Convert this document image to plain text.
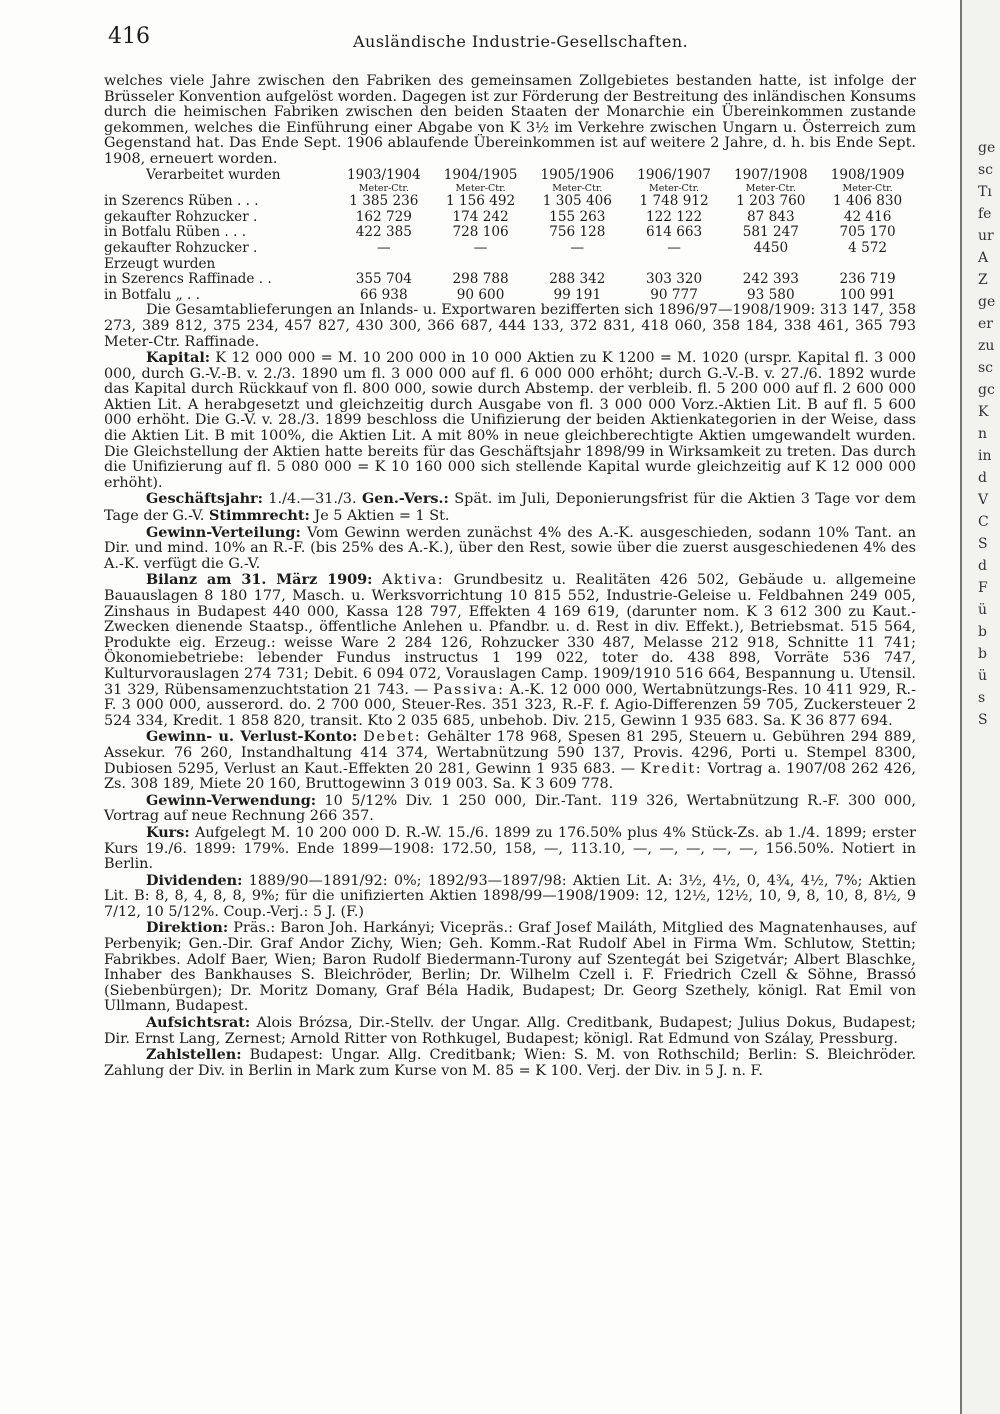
416	Ausländische Industrie-Gesellschaften.

welches viele Jahre zwischen den Fabriken des gemeinsamen Zollgebietes bestanden hatte, ist infolge der Brüsseler Konvention aufgelöst worden. Dagegen ist zur Förderung der Bestreitung des inländischen Konsums durch die heimischen Fabriken zwischen den beiden Staaten der Monarchie ein Übereinkommen zustande gekommen, welches die Einführung einer Abgabe von K 3½ im Verkehre zwischen Ungarn u. Österreich zum Gegenstand hat. Das Ende Sept. 1906 ablaufende Übereinkommen ist auf weitere 2 Jahre, d. h. bis Ende Sept. 1908, erneuert worden.

Verarbeitet wurden	1903/1904	1904/1905	1905/1906	1906/1907	1907/1908	1908/1909
	Meter-Ctr.	Meter-Ctr.	Meter-Ctr.	Meter-Ctr.	Meter-Ctr.	Meter-Ctr.
in Szerencs Rüben . . .	1 385 236	1 156 492	1 305 406	1 748 912	1 203 760	1 406 830
gekaufter Rohzucker .	162 729	174 242	155 263	122 122	87 843	42 416
in Botfalu Rüben . . .	422 385	728 106	756 128	614 663	581 247	705 170
gekaufter Rohzucker .	—	—	—	—	4450	4 572
Erzeugt wurden						
in Szerencs Raffinade . .	355 704	298 788	288 342	303 320	242 393	236 719
in Botfalu „ . .	66 938	90 600	99 191	90 777	93 580	100 991

Die Gesamtablieferungen an Inlands- u. Exportwaren bezifferten sich 1896/97—1908/1909: 313 147, 358 273, 389 812, 375 234, 457 827, 430 300, 366 687, 444 133, 372 831, 418 060, 358 184, 338 461, 365 793 Meter-Ctr. Raffinade.

Kapital: K 12 000 000 = M. 10 200 000 in 10 000 Aktien zu K 1200 = M. 1020 (urspr. Kapital fl. 3 000 000, durch G.-V.-B. v. 2./3. 1890 um fl. 3 000 000 auf fl. 6 000 000 erhöht; durch G.-V.-B. v. 27./6. 1892 wurde das Kapital durch Rückkauf von fl. 800 000, sowie durch Abstemp. der verbleib. fl. 5 200 000 auf fl. 2 600 000 Aktien Lit. A herabgesetzt und gleichzeitig durch Ausgabe von fl. 3 000 000 Vorz.-Aktien Lit. B auf fl. 5 600 000 erhöht. Die G.-V. v. 28./3. 1899 beschloss die Unifizierung der beiden Aktienkategorien in der Weise, dass die Aktien Lit. B mit 100%, die Aktien Lit. A mit 80% in neue gleichberechtigte Aktien umgewandelt wurden. Die Gleichstellung der Aktien hatte bereits für das Geschäftsjahr 1898/99 in Wirksamkeit zu treten. Das durch die Unifizierung auf fl. 5 080 000 = K 10 160 000 sich stellende Kapital wurde gleichzeitig auf K 12 000 000 erhöht).

Geschäftsjahr: 1./4.—31./3. Gen.-Vers.: Spät. im Juli, Deponierungsfrist für die Aktien 3 Tage vor dem Tage der G.-V. Stimmrecht: Je 5 Aktien = 1 St.

Gewinn-Verteilung: Vom Gewinn werden zunächst 4% des A.-K. ausgeschieden, sodann 10% Tant. an Dir. und mind. 10% an R.-F. (bis 25% des A.-K.), über den Rest, sowie über die zuerst ausgeschiedenen 4% des A.-K. verfügt die G.-V.

Bilanz am 31. März 1909: Aktiva: Grundbesitz u. Realitäten 426 502, Gebäude u. allgemeine Bauauslagen 8 180 177, Masch. u. Werksvorrichtung 10 815 552, Industrie-Geleise u. Feldbahnen 249 005, Zinshaus in Budapest 440 000, Kassa 128 797, Effekten 4 169 619, (darunter nom. K 3 612 300 zu Kaut.-Zwecken dienende Staatsp., öffentliche Anlehen u. Pfandbr. u. d. Rest in div. Effekt.), Betriebsmat. 515 564, Produkte eig. Erzeug.: weisse Ware 2 284 126, Rohzucker 330 487, Melasse 212 918, Schnitte 11 741; Ökonomiebetriebe: lebender Fundus instructus 1 199 022, toter do. 438 898, Vorräte 536 747, Kulturvorauslagen 274 731; Debit. 6 094 072, Vorauslagen Camp. 1909/1910 516 664, Bespannung u. Utensil. 31 329, Rübensamenzuchtstation 21 743. — Passiva: A.-K. 12 000 000, Wertabnützungs-Res. 10 411 929, R.-F. 3 000 000, ausserord. do. 2 700 000, Steuer-Res. 351 323, R.-F. f. Agio-Differenzen 59 705, Zuckersteuer 2 524 334, Kredit. 1 858 820, transit. Kto 2 035 685, unbehob. Div. 215, Gewinn 1 935 683. Sa. K 36 877 694.

Gewinn- u. Verlust-Konto: Debet: Gehälter 178 968, Spesen 81 295, Steuern u. Gebühren 294 889, Assekur. 76 260, Instandhaltung 414 374, Wertabnützung 590 137, Provis. 4296, Porti u. Stempel 8300, Dubiosen 5295, Verlust an Kaut.-Effekten 20 281, Gewinn 1 935 683. — Kredit: Vortrag a. 1907/08 262 426, Zs. 308 189, Miete 20 160, Bruttogewinn 3 019 003. Sa. K 3 609 778.

Gewinn-Verwendung: 10 5/12% Div. 1 250 000, Dir.-Tant. 119 326, Wertabnützung R.-F. 300 000, Vortrag auf neue Rechnung 266 357.

Kurs: Aufgelegt M. 10 200 000 D. R.-W. 15./6. 1899 zu 176.50% plus 4% Stück-Zs. ab 1./4. 1899; erster Kurs 19./6. 1899: 179%. Ende 1899—1908: 172.50, 158, —, 113.10, —, —, —, —, —, 156.50%. Notiert in Berlin.

Dividenden: 1889/90—1891/92: 0%; 1892/93—1897/98: Aktien Lit. A: 3½, 4½, 0, 4¾, 4½, 7%; Aktien Lit. B: 8, 8, 4, 8, 8, 9%; für die unifizierten Aktien 1898/99—1908/1909: 12, 12½, 12½, 10, 9, 8, 10, 8, 8½, 9 7/12, 10 5/12%. Coup.-Verj.: 5 J. (F.)

Direktion: Präs.: Baron Joh. Harkányi; Vicepräs.: Graf Josef Mailáth, Mitglied des Magnatenhauses, auf Perbenyik; Gen.-Dir. Graf Andor Zichy, Wien; Geh. Komm.-Rat Rudolf Abel in Firma Wm. Schlutow, Stettin; Fabrikbes. Adolf Baer, Wien; Baron Rudolf Biedermann-Turony auf Szentegát bei Szigetvár; Albert Blaschke, Inhaber des Bankhauses S. Bleichröder, Berlin; Dr. Wilhelm Czell i. F. Friedrich Czell & Söhne, Brassó (Siebenbürgen); Dr. Moritz Domany, Graf Béla Hadik, Budapest; Dr. Georg Szethely, königl. Rat Emil von Ullmann, Budapest.

Aufsichtsrat: Alois Brózsa, Dir.-Stellv. der Ungar. Allg. Creditbank, Budapest; Julius Dokus, Budapest; Dir. Ernst Lang, Zernest; Arnold Ritter von Rothkugel, Budapest; königl. Rat Edmund von Szálay, Pressburg.

Zahlstellen: Budapest: Ungar. Allg. Creditbank; Wien: S. M. von Rothschild; Berlin: S. Bleichröder. Zahlung der Div. in Berlin in Mark zum Kurse von M. 85 = K 100. Verj. der Div. in 5 J. n. F.

ge
sc
Tı
fe
ur
A
Z
ge
er
zu
sc
gc
K
n
in
d
V
C
S
d
F
ü
b
b
ü
s
S
